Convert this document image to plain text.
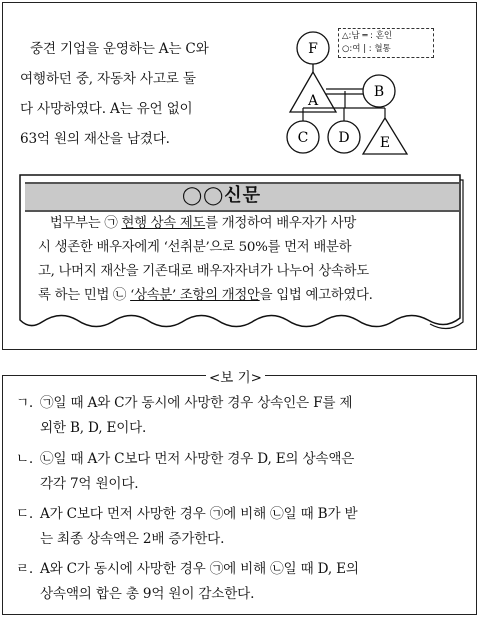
중견 기업을 운영하는 A는 C와

여행하던 중, 자동차 사고로 둘

다 사망하였다. A는 유언 없이

63억 원의 재산을 남겼다.

F
A
B
C D E
△:남 ═ : 혼인
○:여 | : 혈통
◯◯신문
법무부는 ㉠ 현행 상속 제도를 개정하여 배우자가 사망
시 생존한 배우자에게 ‘선취분’으로 50%를 먼저 배분하
고, 나머지 재산을 기존대로 배우자자녀가 나누어 상속하도
록 하는 민법 ㉡ ‘상속분’ 조항의 개정안을 입법 예고하였다.
<보 기>
ㄱ. ㉠일 때 A와 C가 동시에 사망한 경우 상속인은 F를 제
외한 B, D, E이다.
ㄴ. ㉡일 때 A가 C보다 먼저 사망한 경우 D, E의 상속액은
각각 7억 원이다.
ㄷ. A가 C보다 먼저 사망한 경우 ㉠에 비해 ㉡일 때 B가 받
는 최종 상속액은 2배 증가한다.
ㄹ. A와 C가 동시에 사망한 경우 ㉠에 비해 ㉡일 때 D, E의
상속액의 합은 총 9억 원이 감소한다.
